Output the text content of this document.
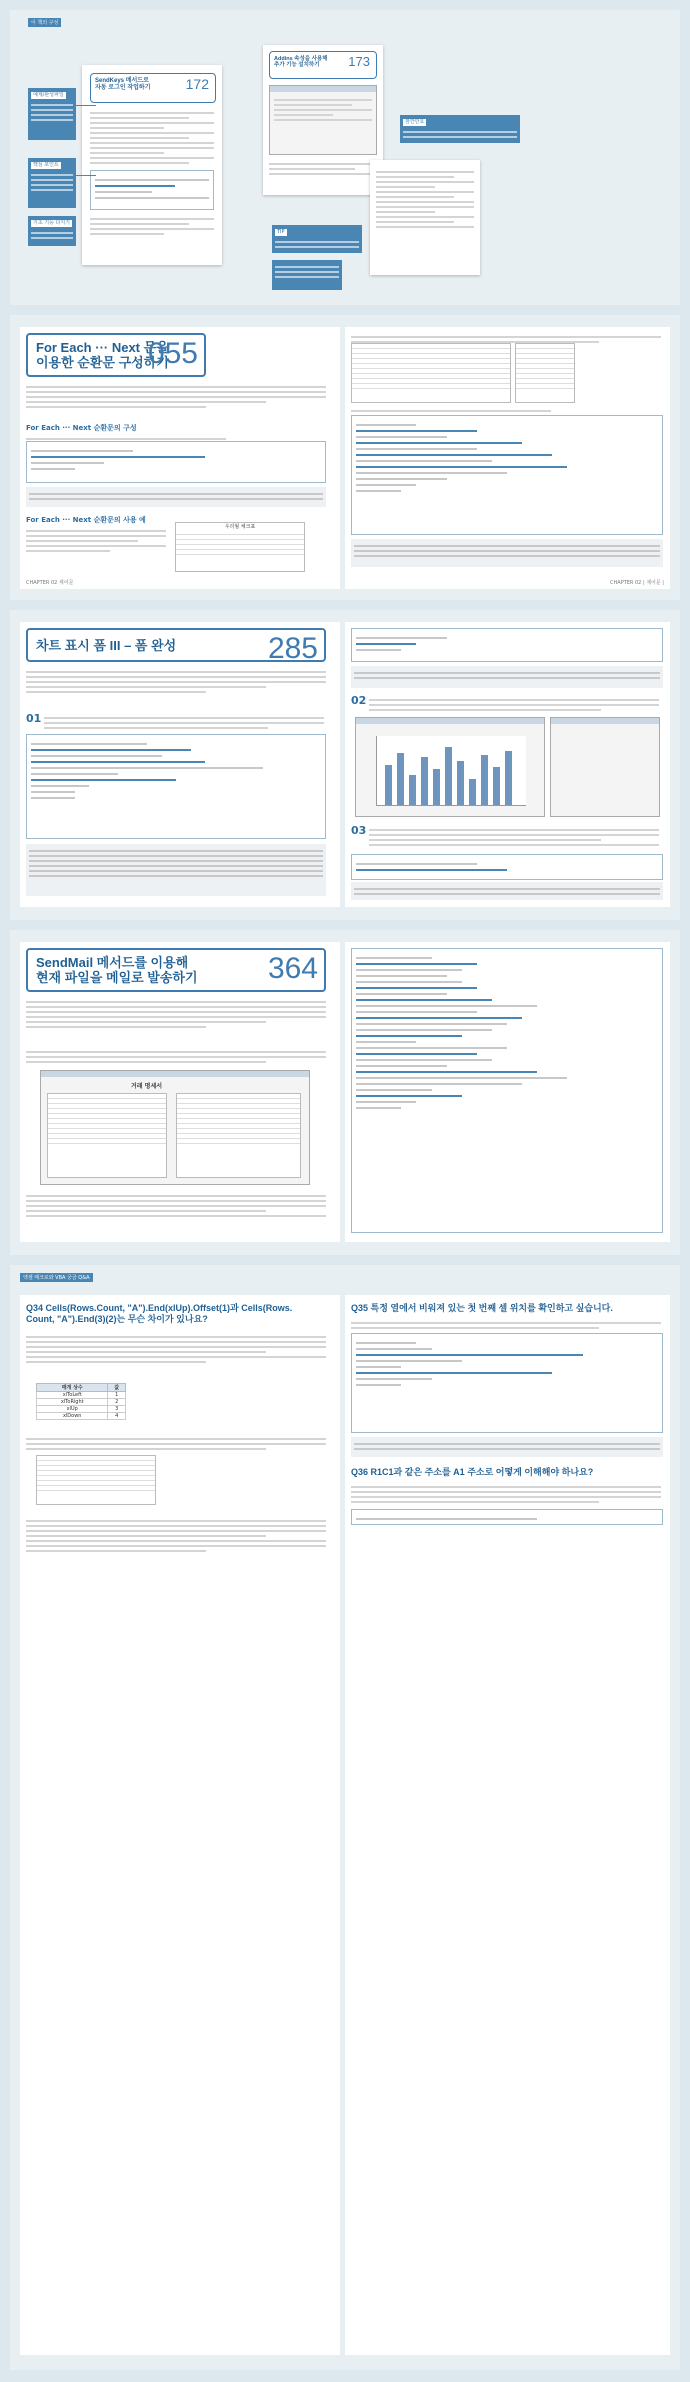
이 책의 구성
SendKeys 메서드로
자동 로그인 작업하기	172
예제/완성파일
핵심 포인트
기초 기능 다지기
Addins 속성을 사용해
추가 기능 설치하기	173
잠깐만요
TIP
For Each ··· Next 문을
이용한 순환문 구성하기
055
For Each ··· Next 순환문의 구성
For Each ··· Next 순환문의 사용 예
우리월 체크표
CHAPTER 02 제어문	CHAPTER 02 | 제어문 |
차트 표시 폼 III – 폼 완성	285
01
02
03
SendMail 메서드를 이용해
현재 파일을 메일로 발송하기 364
거래 명세서
엑셀 매크로와 VBA 궁금 Q&A
Q34 Cells(Rows.Count, "A").End(xlUp).Offset(1)과 Cells(Rows.
Count, "A").End(3)(2)는 무슨 차이가 있나요?
매개 상수	값
xlToLeft	1
xlToRight	2
xlUp	3
xlDown	4
Q35 특정 열에서 비워져 있는 첫 번째 셀 위치를 확인하고 싶습니다.
Q36 R1C1과 같은 주소를 A1 주소로 어떻게 이해해야 하나요?
